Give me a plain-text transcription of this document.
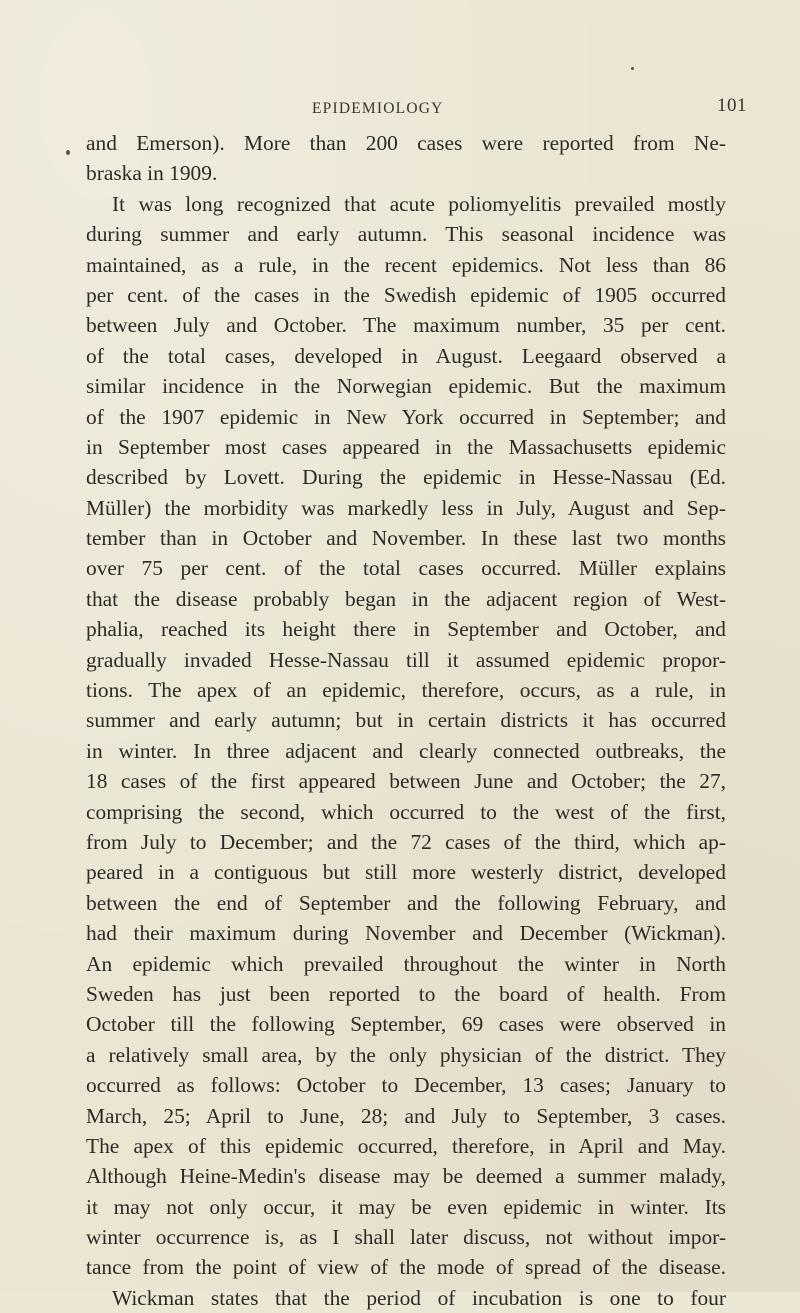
EPIDEMIOLOGY	101
and Emerson). More than 200 cases were reported from Ne-
braska in 1909.
It was long recognized that acute poliomyelitis prevailed mostly
during summer and early autumn. This seasonal incidence was
maintained, as a rule, in the recent epidemics. Not less than 86
per cent. of the cases in the Swedish epidemic of 1905 occurred
between July and October. The maximum number, 35 per cent.
of the total cases, developed in August. Leegaard observed a
similar incidence in the Norwegian epidemic. But the maximum
of the 1907 epidemic in New York occurred in September; and
in September most cases appeared in the Massachusetts epidemic
described by Lovett. During the epidemic in Hesse-Nassau (Ed.
Müller) the morbidity was markedly less in July, August and Sep-
tember than in October and November. In these last two months
over 75 per cent. of the total cases occurred. Müller explains
that the disease probably began in the adjacent region of West-
phalia, reached its height there in September and October, and
gradually invaded Hesse-Nassau till it assumed epidemic propor-
tions. The apex of an epidemic, therefore, occurs, as a rule, in
summer and early autumn; but in certain districts it has occurred
in winter. In three adjacent and clearly connected outbreaks, the
18 cases of the first appeared between June and October; the 27,
comprising the second, which occurred to the west of the first,
from July to December; and the 72 cases of the third, which ap-
peared in a contiguous but still more westerly district, developed
between the end of September and the following February, and
had their maximum during November and December (Wickman).
An epidemic which prevailed throughout the winter in North
Sweden has just been reported to the board of health. From
October till the following September, 69 cases were observed in
a relatively small area, by the only physician of the district. They
occurred as follows: October to December, 13 cases; January to
March, 25; April to June, 28; and July to September, 3 cases.
The apex of this epidemic occurred, therefore, in April and May.
Although Heine-Medin's disease may be deemed a summer malady,
it may not only occur, it may be even epidemic in winter. Its
winter occurrence is, as I shall later discuss, not without impor-
tance from the point of view of the mode of spread of the disease.
Wickman states that the period of incubation is one to four
